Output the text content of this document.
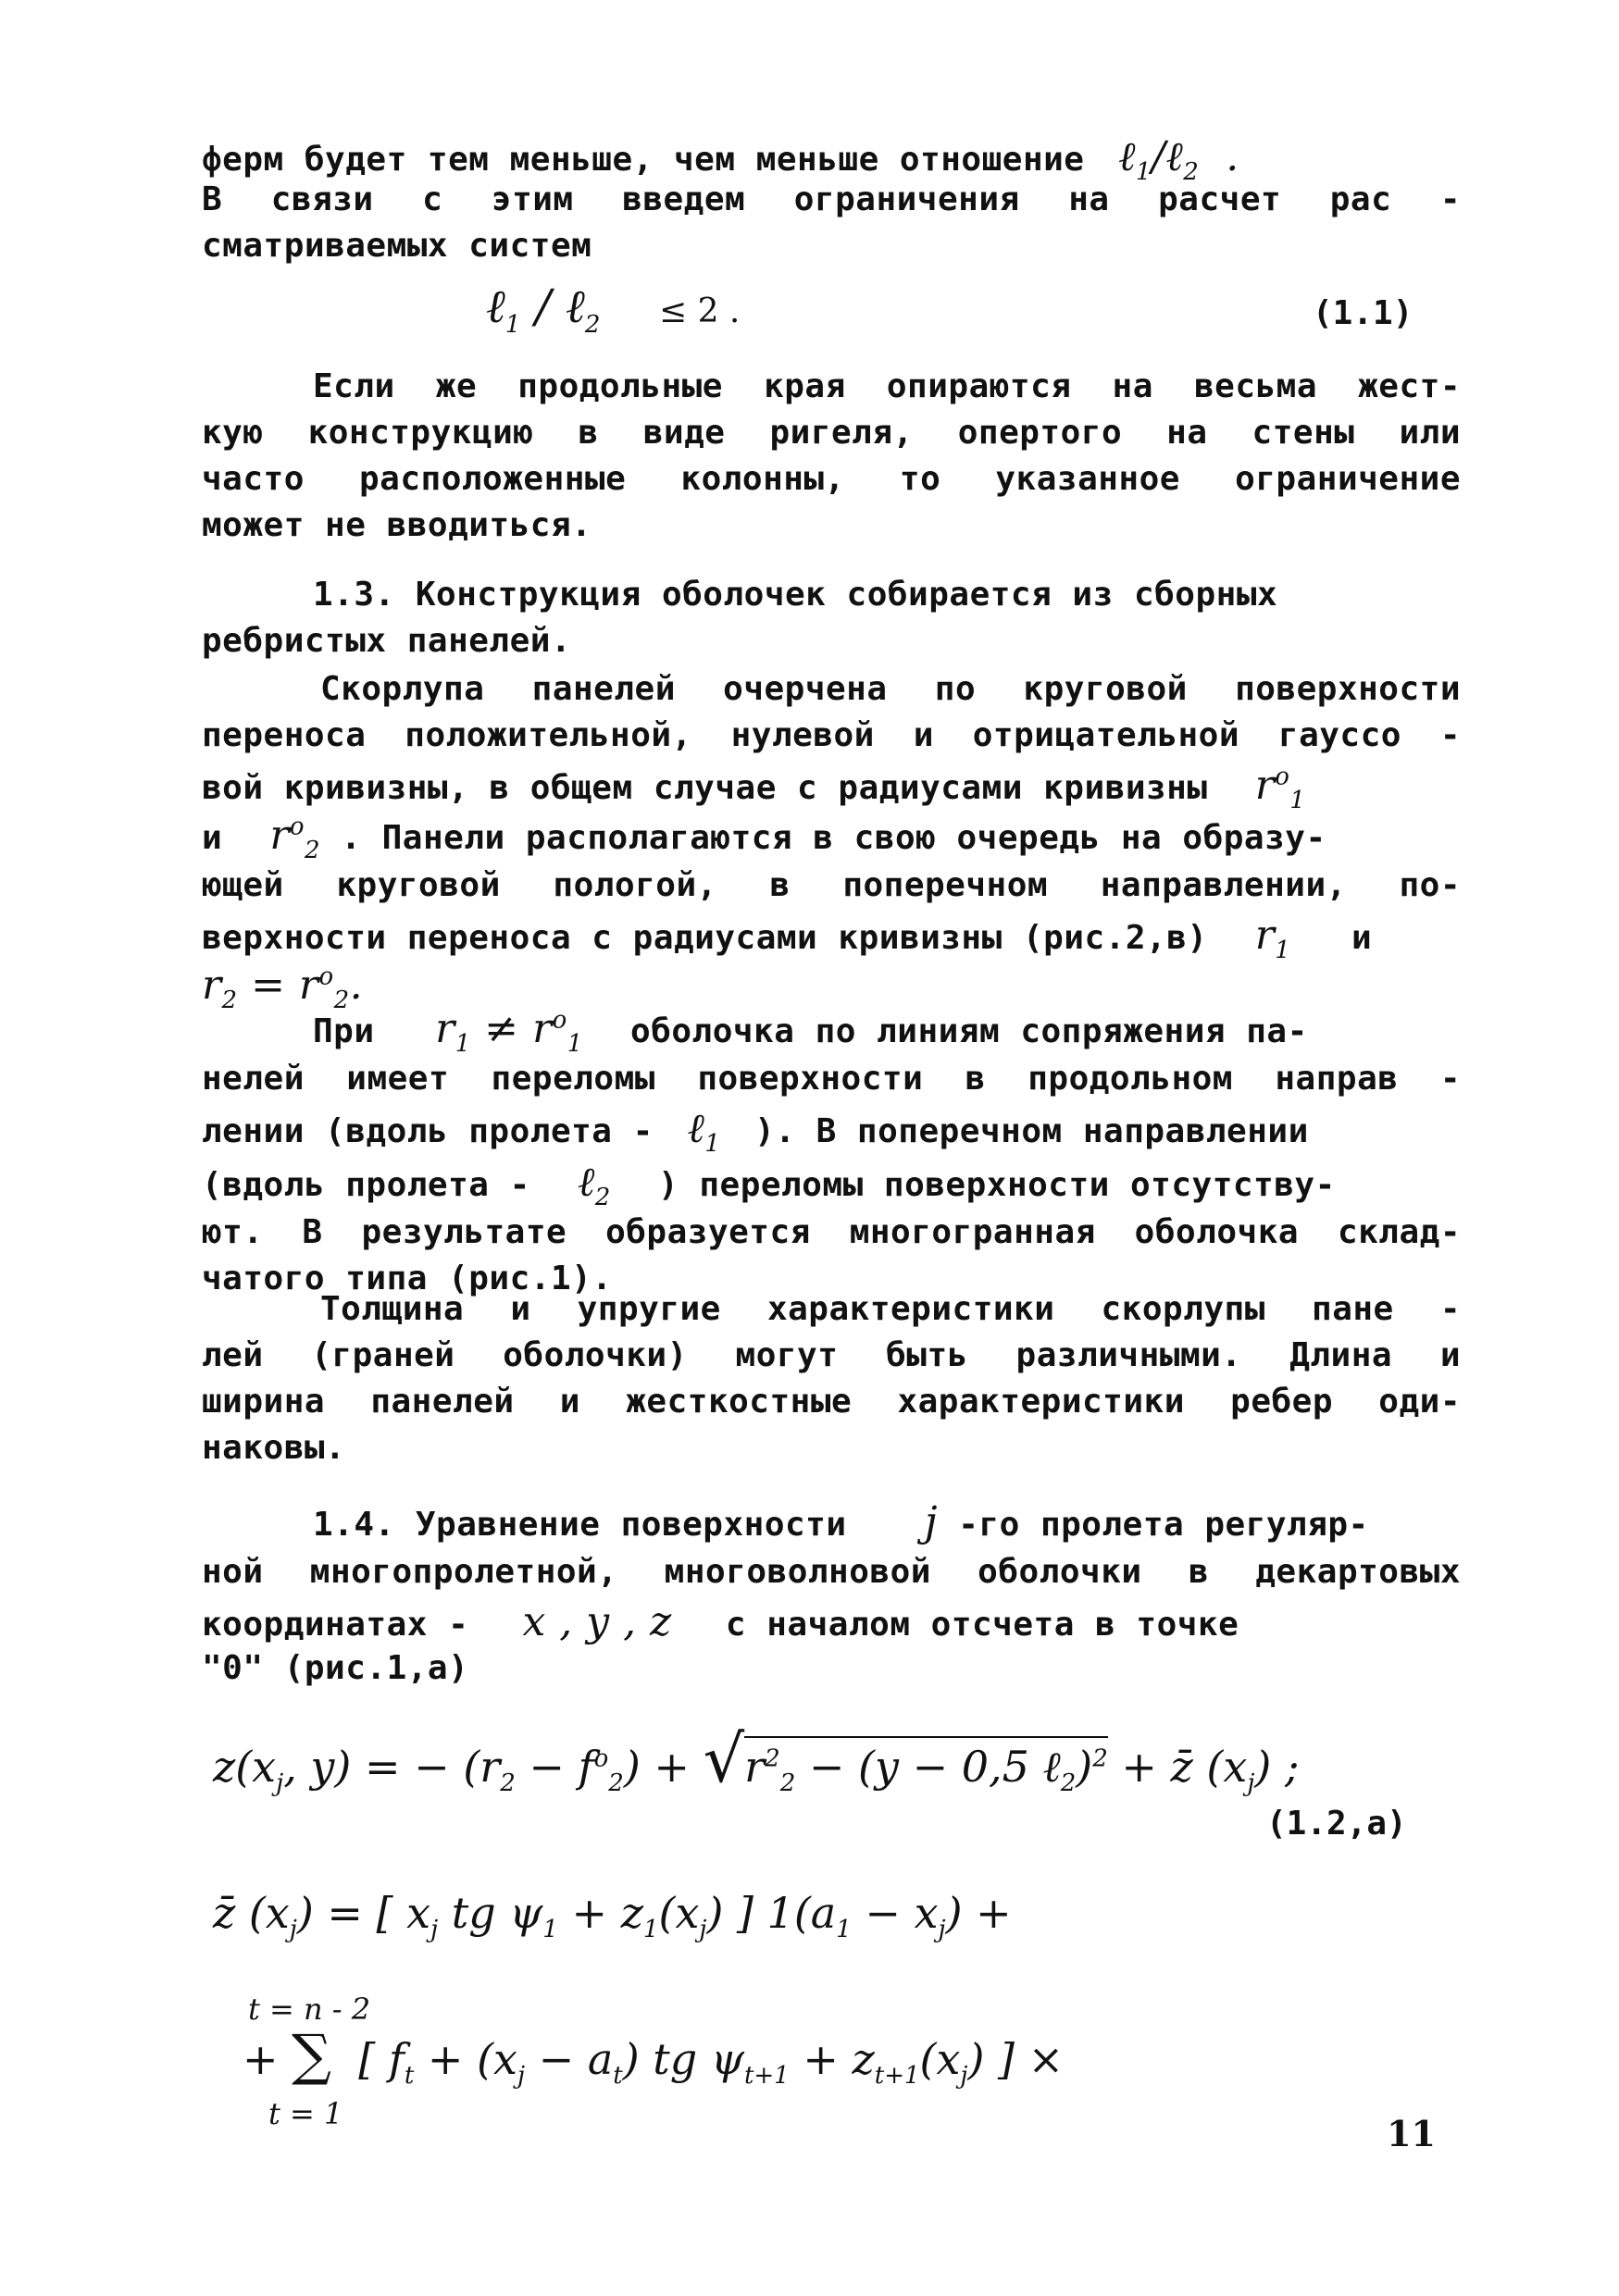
ферм будет тем меньше, чем меньше отношение  ℓ$_1$/ℓ$_2$  .
В связи с этим введем ограничения на расчет рас -
сматриваемых систем
ℓ$_1$ / ℓ$_2$ ≤ 2 .	(1.1)
Если же продольные края опираются на весьма жест-
кую конструкцию в виде ригеля, опертого на стены или
часто расположенные колонны, то указанное ограничение
может не вводиться.
1.3. Конструкция оболочек собирается из сборных
ребристых панелей.
Скорлупа панелей очерчена по круговой поверхности
переноса положительной, нулевой и отрицательной гауссо -
вой кривизны, в общем случае с радиусами кривизны   $r^o_1$
и   $r^o_2$ . Панели располагаются в свою очередь на образу-
ющей круговой пологой, в поперечном направлении, по-
верхности переноса с радиусами кривизны (рис.2,в)   $r_1$ и
$r_2 = r^o_2$.
При    $r_1 \ne r^o_1$ оболочка по линиям сопряжения па-
нелей имеет переломы поверхности в продольном направ -
лении (вдоль пролета -  ℓ$_1$ ). В поперечном направлении
(вдоль пролета -   ℓ$_2$ ) переломы поверхности отсутству-
ют. В результате образуется многогранная оболочка склад-
чатого типа (рис.1).
Толщина и упругие характеристики скорлупы пане -
лей (граней оболочки) могут быть различными. Длина и
ширина панелей и жесткостные характеристики ребер оди-
наковы.
1.4. Уравнение поверхности j -го пролета регуляр-
ной многопролетной, многоволновой оболочки в декартовых
координатах - x , y , z с началом отсчета в точке
"0" (рис.1,а)
$z(x_j$, y) = − $(r_2 - f^o_2) + √r^2_2 - (y - 0,5$ ℓ$_2$)$^2$ + z̄ $(x_j)$ ;
(1.2,а)
z̄ $(x_j)$ = [ $x_j$ tg $\psi_1 + z_1(x_j)$ ] $1(a_1 - x_j)$ +
t = n - 2
+ ∑  [ $f_t + (x_j - a_t)$ tg $\psi_{t+1} + z_{t+1}(x_j)$ ] ×
t = 1	11
